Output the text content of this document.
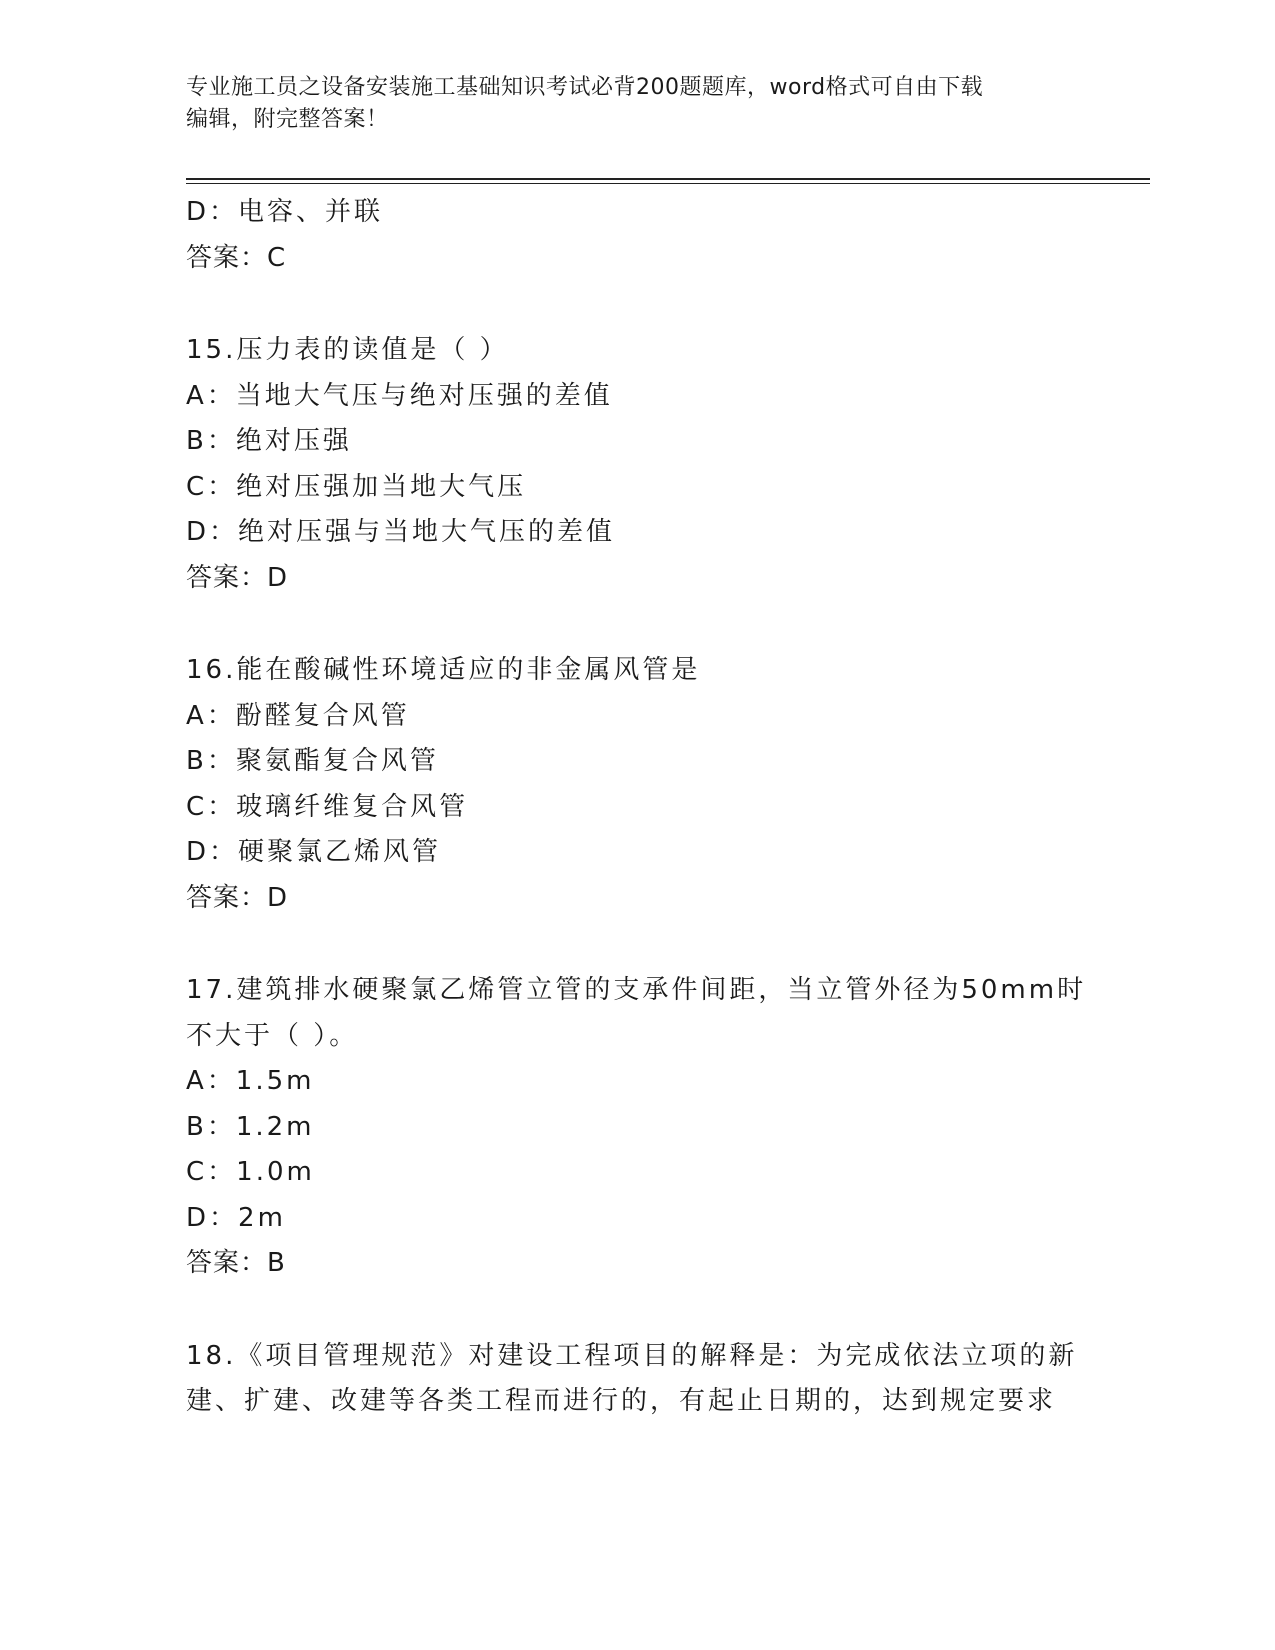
专业施工员之设备安装施工基础知识考试必背200题题库，word格式可自由下载
编辑，附完整答案！
D：电容、并联
答案：C
15.压力表的读值是（ ）
A：当地大气压与绝对压强的差值
B：绝对压强
C：绝对压强加当地大气压
D：绝对压强与当地大气压的差值
答案：D
16.能在酸碱性环境适应的非金属风管是
A：酚醛复合风管
B：聚氨酯复合风管
C：玻璃纤维复合风管
D：硬聚氯乙烯风管
答案：D
17.建筑排水硬聚氯乙烯管立管的支承件间距，当立管外径为50mm时
不大于（ ）。
A：1.5m
B：1.2m
C：1.0m
D：2m
答案：B
18.《项目管理规范》对建设工程项目的解释是：为完成依法立项的新
建、扩建、改建等各类工程而进行的，有起止日期的，达到规定要求
